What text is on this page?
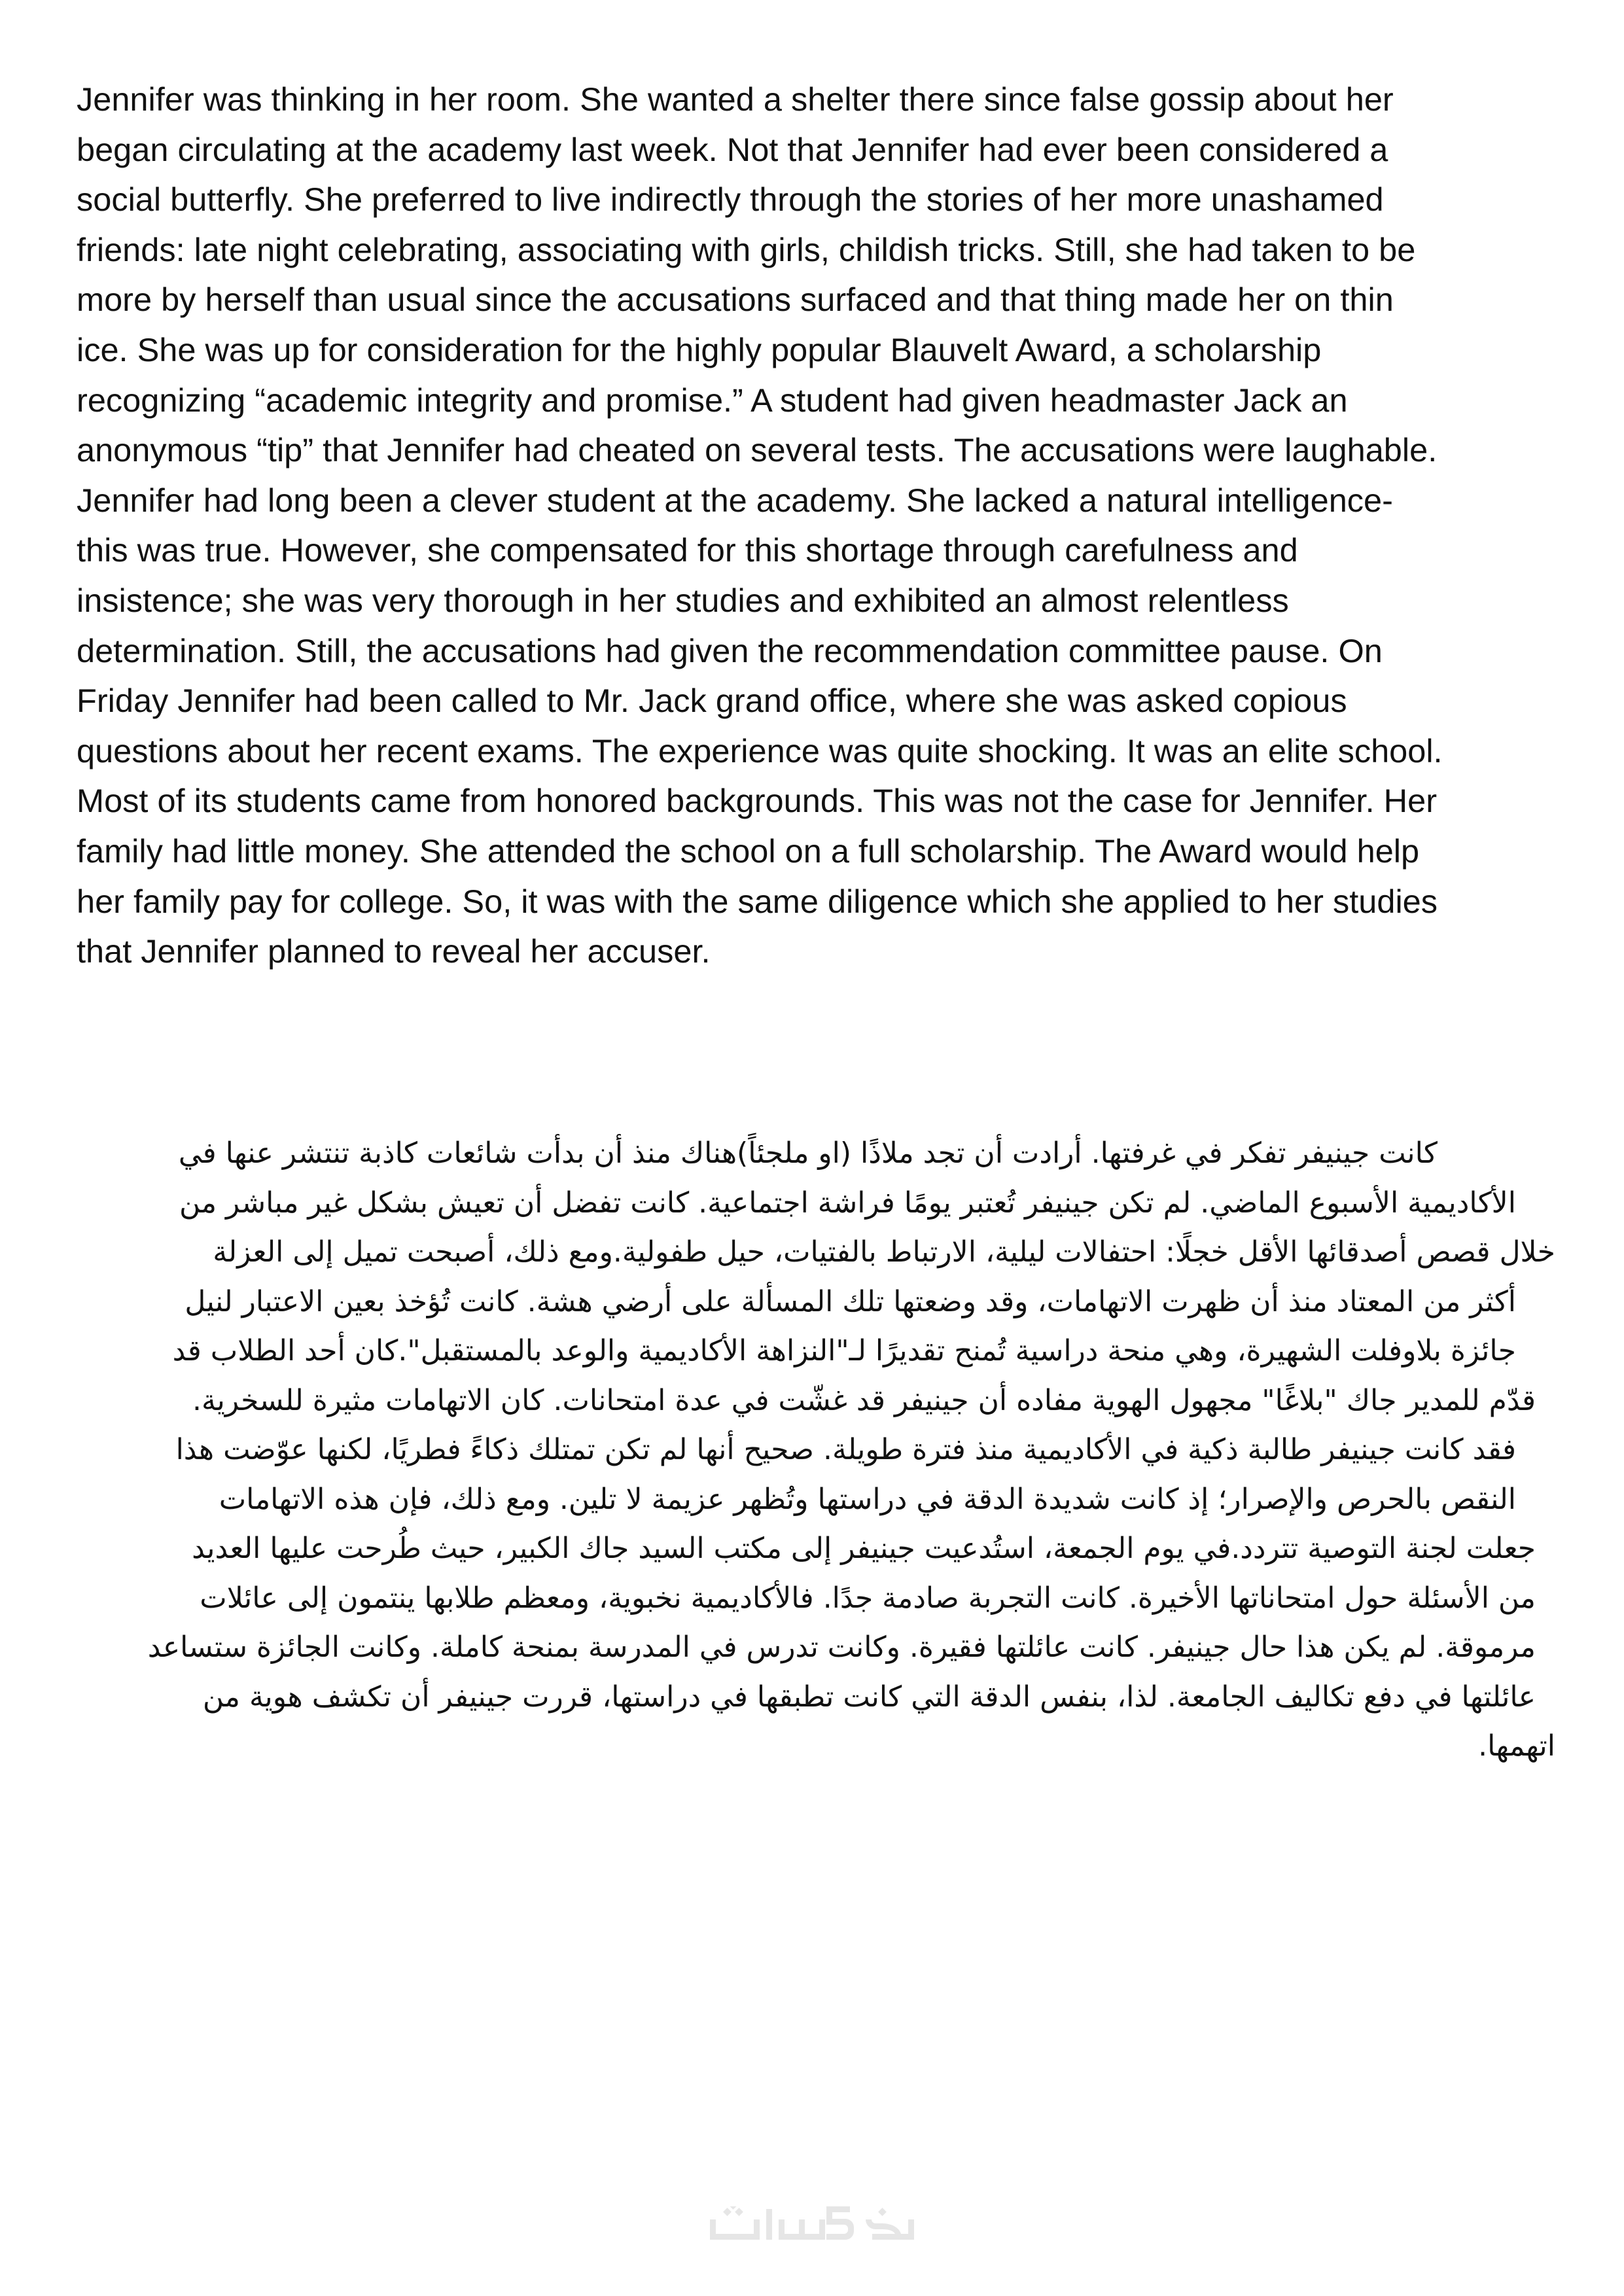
Jennifer was thinking in her room. She wanted a shelter there since false gossip about her
began circulating at the academy last week. Not that Jennifer had ever been considered a
social butterfly. She preferred to live indirectly through the stories of her more unashamed
friends: late night celebrating, associating with girls, childish tricks. Still, she had taken to be
more by herself than usual since the accusations surfaced and that thing made her on thin
ice. She was up for consideration for the highly popular Blauvelt Award, a scholarship
recognizing “academic integrity and promise.” A student had given headmaster Jack an
anonymous “tip” that Jennifer had cheated on several tests. The accusations were laughable.
Jennifer had long been a clever student at the academy. She lacked a natural intelligence-
this was true. However, she compensated for this shortage through carefulness and
insistence; she was very thorough in her studies and exhibited an almost relentless
determination. Still, the accusations had given the recommendation committee pause. On
Friday Jennifer had been called to Mr. Jack grand office, where she was asked copious
questions about her recent exams. The experience was quite shocking. It was an elite school.
Most of its students came from honored backgrounds. This was not the case for Jennifer. Her
family had little money. She attended the school on a full scholarship. The Award would help
her family pay for college. So, it was with the same diligence which she applied to her studies
that Jennifer planned to reveal her accuser.
كانت جينيفر تفكر في غرفتها. أرادت أن تجد ملاذًا (او ملجئاً)هناك منذ أن بدأت شائعات كاذبة تنتشر عنها في
الأكاديمية الأسبوع الماضي. لم تكن جينيفر تُعتبر يومًا فراشة اجتماعية. كانت تفضل أن تعيش بشكل غير مباشر من
خلال قصص أصدقائها الأقل خجلًا: احتفالات ليلية، الارتباط بالفتيات، حيل طفولية.ومع ذلك، أصبحت تميل إلى العزلة
أكثر من المعتاد منذ أن ظهرت الاتهامات، وقد وضعتها تلك المسألة على أرضي هشة. كانت تُؤخذ بعين الاعتبار لنيل
جائزة بلاوفلت الشهيرة، وهي منحة دراسية تُمنح تقديرًا لـ"النزاهة الأكاديمية والوعد بالمستقبل".كان أحد الطلاب قد
قدّم للمدير جاك "بلاغًا" مجهول الهوية مفاده أن جينيفر قد غشّت في عدة امتحانات. كان الاتهامات مثيرة للسخرية.
فقد كانت جينيفر طالبة ذكية في الأكاديمية منذ فترة طويلة. صحيح أنها لم تكن تمتلك ذكاءً فطريًا، لكنها عوّضت هذا
النقص بالحرص والإصرار؛ إذ كانت شديدة الدقة في دراستها وتُظهر عزيمة لا تلين. ومع ذلك، فإن هذه الاتهامات
جعلت لجنة التوصية تتردد.في يوم الجمعة، استُدعيت جينيفر إلى مكتب السيد جاك الكبير، حيث طُرحت عليها العديد
من الأسئلة حول امتحاناتها الأخيرة. كانت التجربة صادمة جدًا. فالأكاديمية نخبوية، ومعظم طلابها ينتمون إلى عائلات
مرموقة. لم يكن هذا حال جينيفر. كانت عائلتها فقيرة. وكانت تدرس في المدرسة بمنحة كاملة. وكانت الجائزة ستساعد
عائلتها في دفع تكاليف الجامعة. لذا، بنفس الدقة التي كانت تطبقها في دراستها، قررت جينيفر أن تكشف هوية من
اتهمها.
